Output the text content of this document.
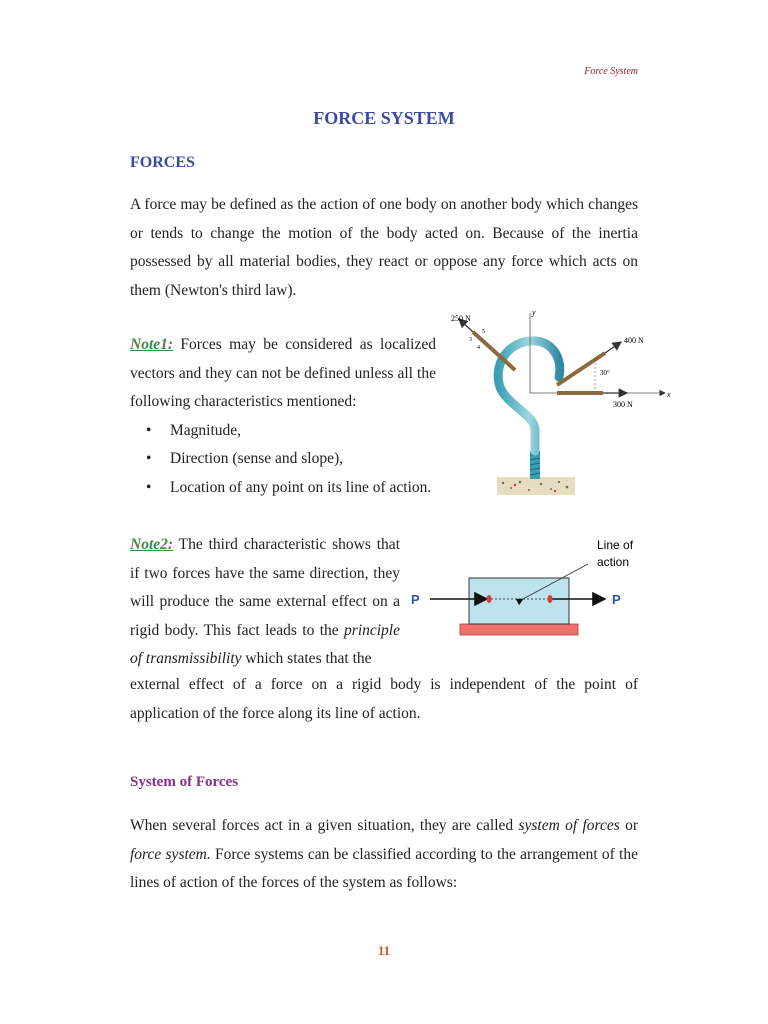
Force System
FORCE SYSTEM
FORCES
A force may be defined as the action of one body on another body which changes or tends to change the motion of the body acted on. Because of the inertia possessed by all material bodies, they react or oppose any force which acts on them (Newton's third law).
Note1: Forces may be considered as localized vectors and they can not be defined unless all the following characteristics mentioned:
• Magnitude,
• Direction (sense and slope),
• Location of any point on its line of action.
y
x
250 N
3
4
5
400 N
30°
300 N
Note2: The third characteristic shows that if two forces have the same direction, they will produce the same external effect on a rigid body. This fact leads to the principle of transmissibility which states that the
Line of
action
P	P
external effect of a force on a rigid body is independent of the point of application of the force along its line of action.
System of Forces
When several forces act in a given situation, they are called system of forces or force system. Force systems can be classified according to the arrangement of the lines of action of the forces of the system as follows:
11
